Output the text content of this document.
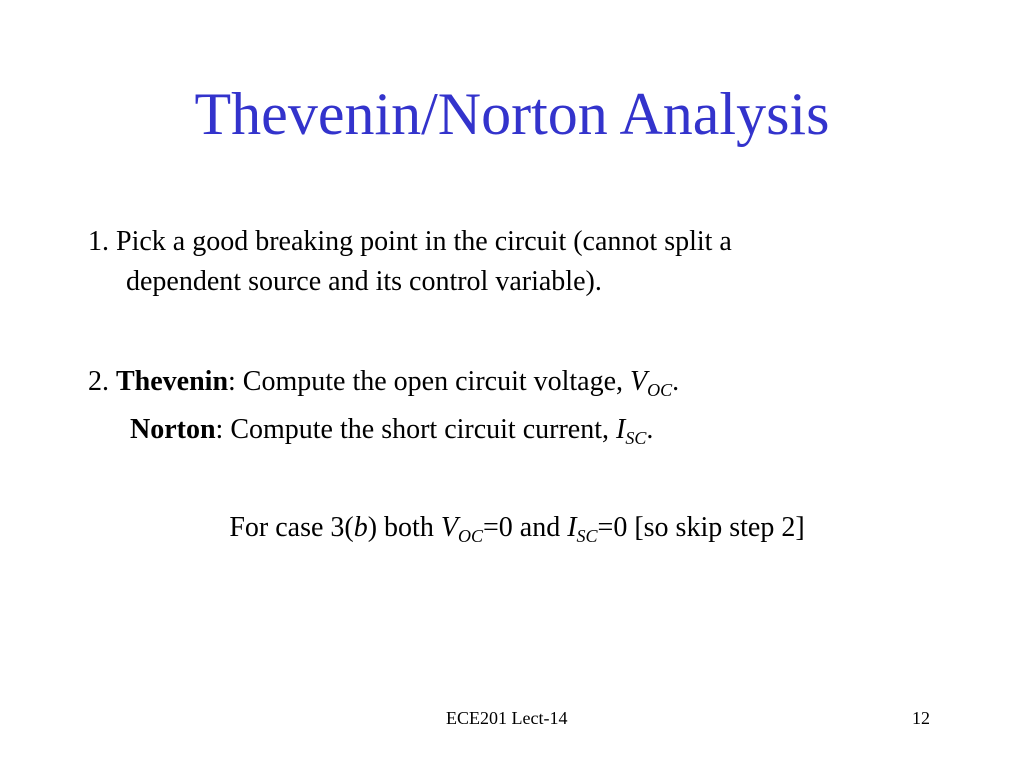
Thevenin/Norton Analysis
1. Pick a good breaking point in the circuit (cannot split a
dependent source and its control variable).
2. Thevenin: Compute the open circuit voltage, $V_{OC}$.
Norton: Compute the short circuit current, $I_{SC}$.
For case 3(b) both $V_{OC}=0$ and $I_{SC}=0$ [so skip step 2]
ECE201 Lect-14	12
